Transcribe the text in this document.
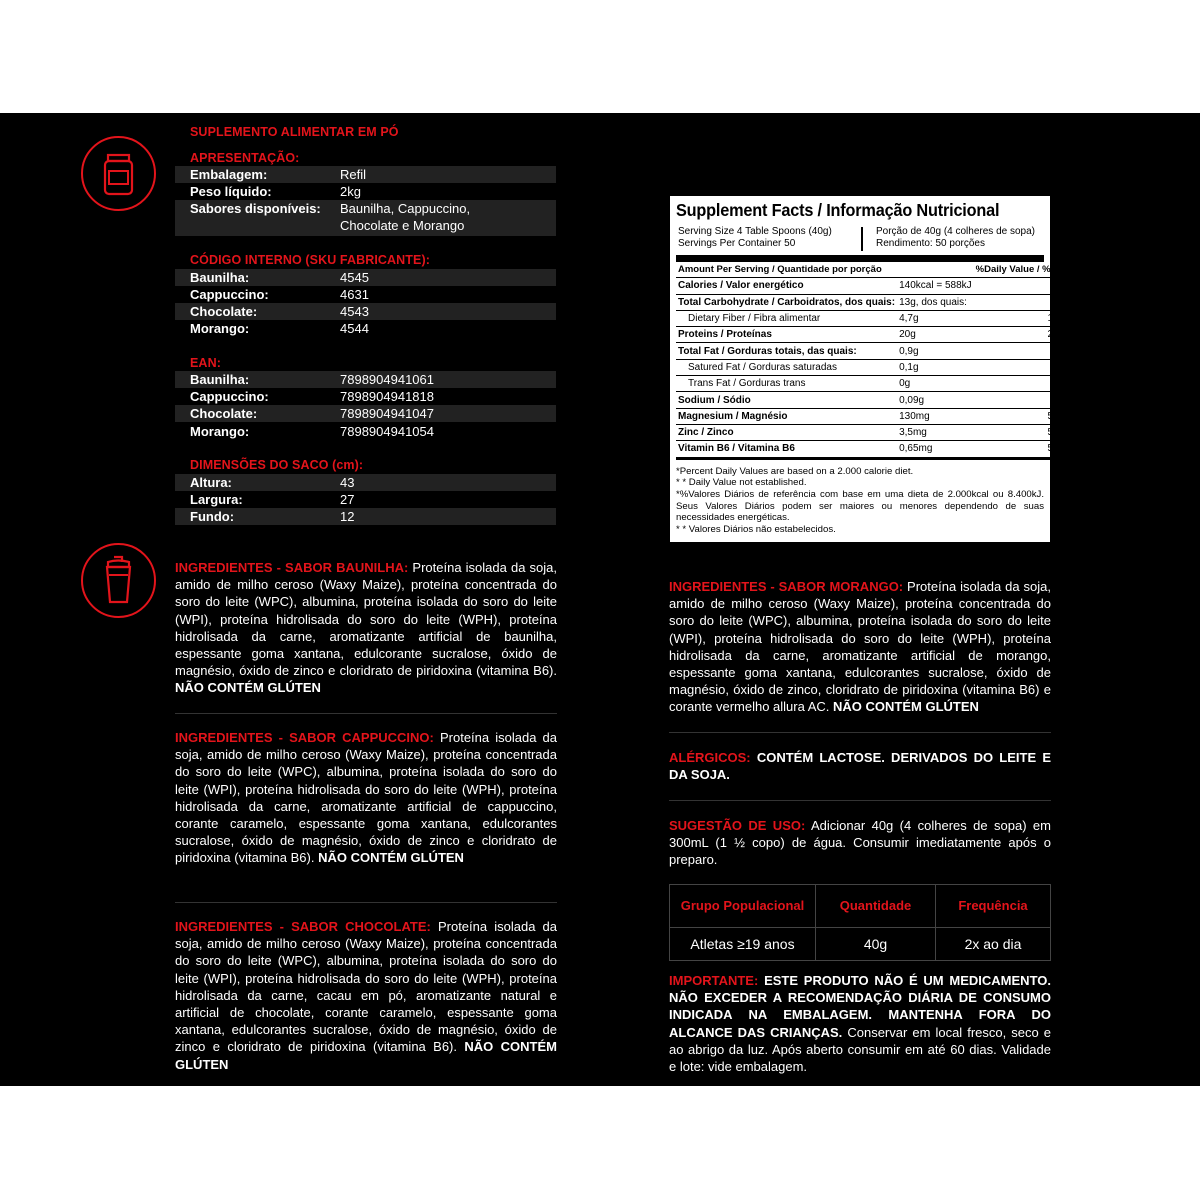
SUPLEMENTO ALIMENTAR EM PÓ
APRESENTAÇÃO:
Embalagem:	Refil
Peso líquido:	2kg
Sabores disponíveis: Baunilha, Cappuccino,
Chocolate e Morango
CÓDIGO INTERNO (SKU FABRICANTE):
Baunilha:	4545
Cappuccino:	4631
Chocolate:	4543
Morango:	4544
EAN:
Baunilha:	7898904941061
Cappuccino:	7898904941818
Chocolate:	7898904941047
Morango:	7898904941054
DIMENSÕES DO SACO (cm):
Altura:	43
Largura:	27
Fundo:	12
INGREDIENTES - SABOR BAUNILHA: Proteína isolada da soja, amido de milho ceroso (Waxy Maize), proteína concentrada do soro do leite (WPC), albumina, proteína isolada do soro do leite (WPI), proteína hidrolisada do soro do leite (WPH), proteína hidrolisada da carne, aromatizante artificial de baunilha, espessante goma xantana, edulcorante sucralose, óxido de magnésio, óxido de zinco e cloridrato de piridoxina (vitamina B6). NÃO CONTÉM GLÚTEN
INGREDIENTES - SABOR CAPPUCCINO: Proteína isolada da soja, amido de milho ceroso (Waxy Maize), proteína concentrada do soro do leite (WPC), albumina, proteína isolada do soro do leite (WPI), proteína hidrolisada do soro do leite (WPH), proteína hidrolisada da carne, aromatizante artificial de cappuccino, corante caramelo, espessante goma xantana, edulcorantes sucralose, óxido de magnésio, óxido de zinco e cloridrato de piridoxina (vitamina B6). NÃO CONTÉM GLÚTEN
INGREDIENTES - SABOR CHOCOLATE: Proteína isolada da soja, amido de milho ceroso (Waxy Maize), proteína concentrada do soro do leite (WPC), albumina, proteína isolada do soro do leite (WPI), proteína hidrolisada do soro do leite (WPH), proteína hidrolisada da carne, cacau em pó, aromatizante natural e artificial de chocolate, corante caramelo, espessante goma xantana, edulcorantes sucralose, óxido de magnésio, óxido de zinco e cloridrato de piridoxina (vitamina B6). NÃO CONTÉM GLÚTEN
Supplement Facts / Informação Nutricional
Serving Size 4 Table Spoons (40g)
Servings Per Container 50
Porção de 40g (4 colheres de sopa)
Rendimento: 50 porções
Amount Per Serving / Quantidade por porção		%Daily Value / %VD*
Calories / Valor energético	140kcal = 588kJ	7%
Total Carbohydrate / Carboidratos, dos quais:	13g, dos quais:	4%
Dietary Fiber / Fibra alimentar	4,7g	19%
Proteins / Proteínas	20g	27%
Total Fat / Gorduras totais, das quais:	0,9g	2%
Satured Fat / Gorduras saturadas	0,1g	1%
Trans Fat / Gorduras trans	0g	* *
Sodium / Sódio	0,09g	1%
Magnesium / Magnésio	130mg	50%
Zinc / Zinco	3,5mg	50%
Vitamin B6 / Vitamina B6	0,65mg	50%
*Percent Daily Values are based on a 2.000 calorie diet.
* * Daily Value not established.
*%Valores Diários de referência com base em uma dieta de 2.000kcal ou 8.400kJ. Seus Valores Diários podem ser maiores ou menores dependendo de suas necessidades energéticas.
* * Valores Diários não estabelecidos.
INGREDIENTES - SABOR MORANGO: Proteína isolada da soja, amido de milho ceroso (Waxy Maize), proteína concentrada do soro do leite (WPC), albumina, proteína isolada do soro do leite (WPI), proteína hidrolisada do soro do leite (WPH), proteína hidrolisada da carne, aromatizante artificial de morango, espessante goma xantana, edulcorantes sucralose, óxido de magnésio, óxido de zinco, cloridrato de piridoxina (vitamina B6) e corante vermelho allura AC. NÃO CONTÉM GLÚTEN
ALÉRGICOS: CONTÉM LACTOSE. DERIVADOS DO LEITE E DA SOJA.
SUGESTÃO DE USO: Adicionar 40g (4 colheres de sopa) em 300mL (1 ½ copo) de água. Consumir imediatamente após o preparo.
Grupo Populacional	Quantidade	Frequência
Atletas ≥19 anos	40g	2x ao dia
IMPORTANTE: ESTE PRODUTO NÃO É UM MEDICAMENTO. NÃO EXCEDER A RECOMENDAÇÃO DIÁRIA DE CONSUMO INDICADA NA EMBALAGEM. MANTENHA FORA DO ALCANCE DAS CRIANÇAS. Conservar em local fresco, seco e ao abrigo da luz. Após aberto consumir em até 60 dias. Validade e lote: vide embalagem.
